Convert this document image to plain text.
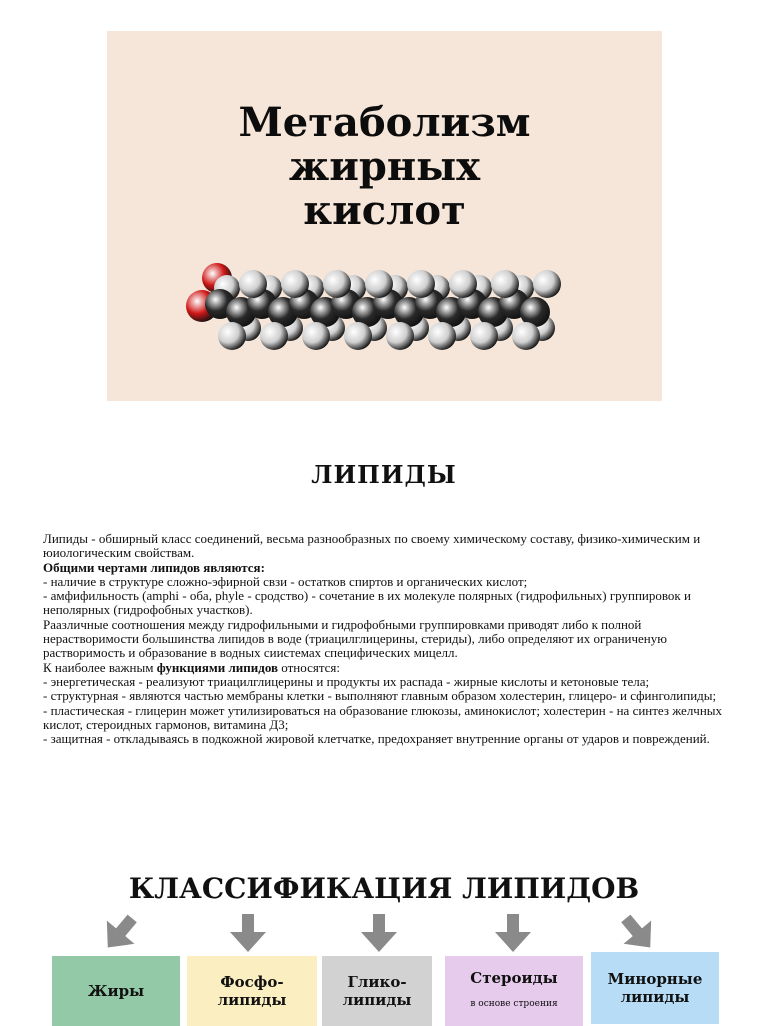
Метаболизм
жирных
кислот
ЛИПИДЫ

Липиды - обширный класс соединений, весьма разнообразных по своему химическому составу, физико-химическим и юиологическим свойствам.

Общими чертами липидов являются:

- наличие в структуре сложно-эфирной свзи - остатков спиртов и органических кислот;

- амфифильность (amphi - оба, phyle - сродство) - сочетание в их молекуле полярных (гидрофильных) группировок и неполярных (гидрофобных участков).

Раазличные соотношения между гидрофильными и гидрофобными группировками приводят либо к полной нерастворимости большинства липидов в воде (триацилглицерины, стериды), либо определяют их ограниченую растворимость и образование в водных сиистемах специфических мицелл.

К наиболее важным функциями липидов относятся:

- энергетическая - реализуют триацилглицерины и продукты их распада - жирные кислоты и кетоновые тела;

- структурная - являются частью мембраны клетки - выполняют главным образом холестерин, глицеро- и сфинголипиды;

- пластическая - глицерин может утилизироваться на образование глюкозы, аминокислот; холестерин - на синтез желчных кислот, стероидных гармонов, витамина Д3;

- защитная - откладываясь в подкожной жировой клетчатке, предохраняет внутренние органы от ударов и повреждений.

КЛАССИФИКАЦИЯ ЛИПИДОВ
Жиры	Фосфо-
липиды
Глико-
липиды
Стероиды
в основе строения
Минорные
липиды
